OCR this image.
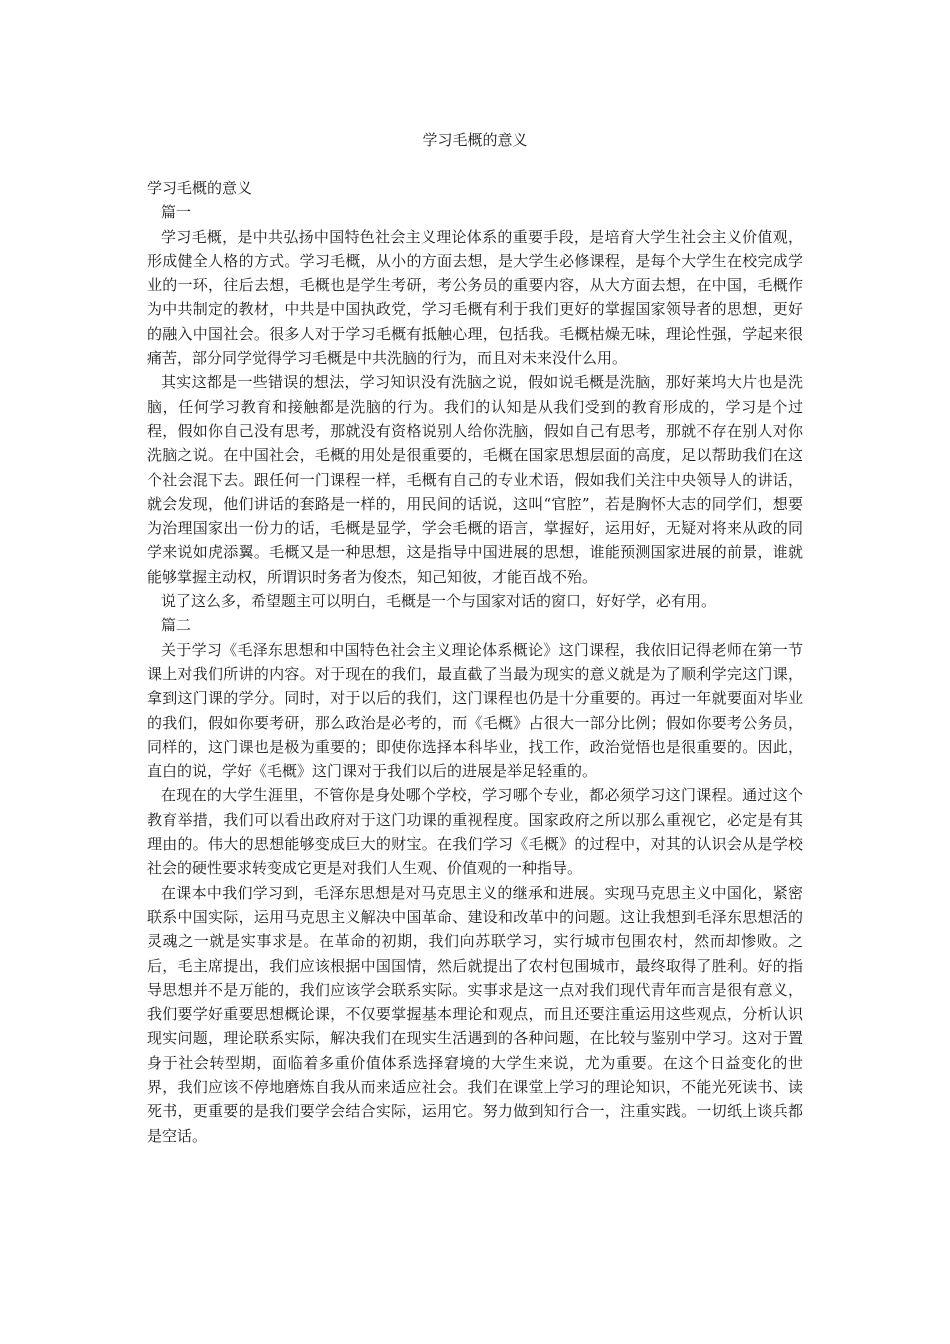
学习毛概的意义

学习毛概的意义

篇一

学习毛概，是中共弘扬中国特色社会主义理论体系的重要手段，是培育大学生社会主义价值观，形成健全人格的方式。学习毛概，从小的方面去想，是大学生必修课程，是每个大学生在校完成学业的一环，往后去想，毛概也是学生考研，考公务员的重要内容，从大方面去想，在中国，毛概作为中共制定的教材，中共是中国执政党，学习毛概有利于我们更好的掌握国家领导者的思想，更好的融入中国社会。很多人对于学习毛概有抵触心理，包括我。毛概枯燥无味，理论性强，学起来很痛苦，部分同学觉得学习毛概是中共洗脑的行为，而且对未来没什么用。

其实这都是一些错误的想法，学习知识没有洗脑之说，假如说毛概是洗脑，那好莱坞大片也是洗脑，任何学习教育和接触都是洗脑的行为。我们的认知是从我们受到的教育形成的，学习是个过程，假如你自己没有思考，那就没有资格说别人给你洗脑，假如自己有思考，那就不存在别人对你洗脑之说。在中国社会，毛概的用处是很重要的，毛概在国家思想层面的高度，足以帮助我们在这个社会混下去。跟任何一门课程一样，毛概有自己的专业术语，假如我们关注中央领导人的讲话，就会发现，他们讲话的套路是一样的，用民间的话说，这叫“官腔”，若是胸怀大志的同学们，想要为治理国家出一份力的话，毛概是显学，学会毛概的语言，掌握好，运用好，无疑对将来从政的同学来说如虎添翼。毛概又是一种思想，这是指导中国进展的思想，谁能预测国家进展的前景，谁就能够掌握主动权，所谓识时务者为俊杰，知己知彼，才能百战不殆。

说了这么多，希望题主可以明白，毛概是一个与国家对话的窗口，好好学，必有用。

篇二

关于学习《毛泽东思想和中国特色社会主义理论体系概论》这门课程，我依旧记得老师在第一节课上对我们所讲的内容。对于现在的我们，最直截了当最为现实的意义就是为了顺利学完这门课，拿到这门课的学分。同时，对于以后的我们，这门课程也仍是十分重要的。再过一年就要面对毕业的我们，假如你要考研，那么政治是必考的，而《毛概》占很大一部分比例；假如你要考公务员，同样的，这门课也是极为重要的；即使你选择本科毕业，找工作，政治觉悟也是很重要的。因此，直白的说，学好《毛概》这门课对于我们以后的进展是举足轻重的。

在现在的大学生涯里，不管你是身处哪个学校，学习哪个专业，都必须学习这门课程。通过这个教育举措，我们可以看出政府对于这门功课的重视程度。国家政府之所以那么重视它，必定是有其理由的。伟大的思想能够变成巨大的财宝。在我们学习《毛概》的过程中，对其的认识会从是学校社会的硬性要求转变成它更是对我们人生观、价值观的一种指导。

在课本中我们学习到，毛泽东思想是对马克思主义的继承和进展。实现马克思主义中国化，紧密联系中国实际，运用马克思主义解决中国革命、建设和改革中的问题。这让我想到毛泽东思想活的灵魂之一就是实事求是。在革命的初期，我们向苏联学习，实行城市包围农村，然而却惨败。之后，毛主席提出，我们应该根据中国国情，然后就提出了农村包围城市，最终取得了胜利。好的指导思想并不是万能的，我们应该学会联系实际。实事求是这一点对我们现代青年而言是很有意义，我们要学好重要思想概论课，不仅要掌握基本理论和观点，而且还要注重运用这些观点，分析认识现实问题，理论联系实际，解决我们在现实生活遇到的各种问题，在比较与鉴别中学习。这对于置身于社会转型期，面临着多重价值体系选择窘境的大学生来说，尤为重要。在这个日益变化的世界，我们应该不停地磨炼自我从而来适应社会。我们在课堂上学习的理论知识，不能光死读书、读死书，更重要的是我们要学会结合实际，运用它。努力做到知行合一，注重实践。一切纸上谈兵都是空话。
